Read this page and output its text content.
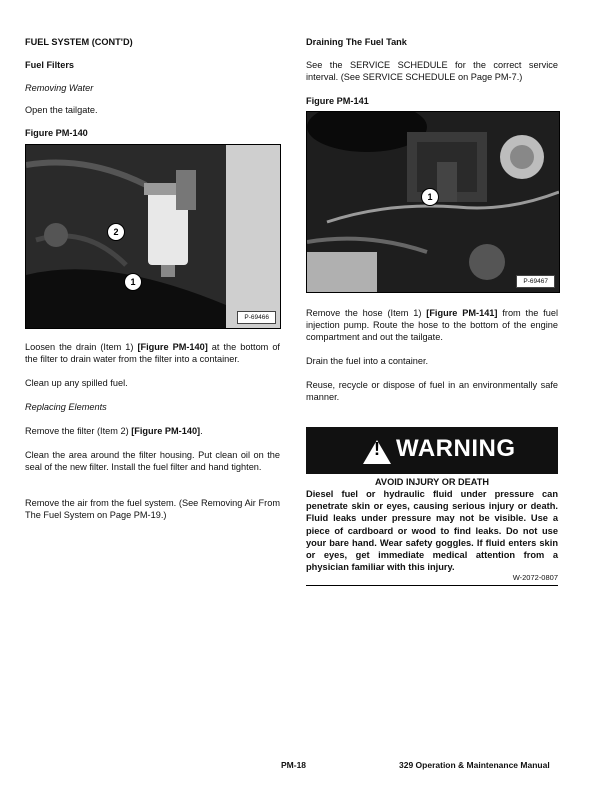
FUEL SYSTEM (CONT'D)

Fuel Filters

Removing Water

Open the tailgate.

Figure PM-140

2
1
P-69466

Loosen the drain (Item 1) [Figure PM-140] at the bottom of the filter to drain water from the filter into a container.

Clean up any spilled fuel.

Replacing Elements

Remove the filter (Item 2) [Figure PM-140].

Clean the area around the filter housing. Put clean oil on the seal of the new filter. Install the fuel filter and hand tighten.

Remove the air from the fuel system. (See Removing Air From The Fuel System on Page PM-19.)

Draining The Fuel Tank

See the SERVICE SCHEDULE for the correct service interval. (See SERVICE SCHEDULE on Page PM-7.)

Figure PM-141

1
P-69467

Remove the hose (Item 1) [Figure PM-141] from the fuel injection pump. Route the hose to the bottom of the engine compartment and out the tailgate.

Drain the fuel into a container.

Reuse, recycle or dispose of fuel in an environmentally safe manner.

! WARNING

AVOID INJURY OR DEATH

Diesel fuel or hydraulic fluid under pressure can penetrate skin or eyes, causing serious injury or death. Fluid leaks under pressure may not be visible. Use a piece of cardboard or wood to find leaks. Do not use your bare hand. Wear safety goggles. If fluid enters skin or eyes, get immediate medical attention from a physician familiar with this injury.

W-2072-0807

PM-18	329 Operation & Maintenance Manual
